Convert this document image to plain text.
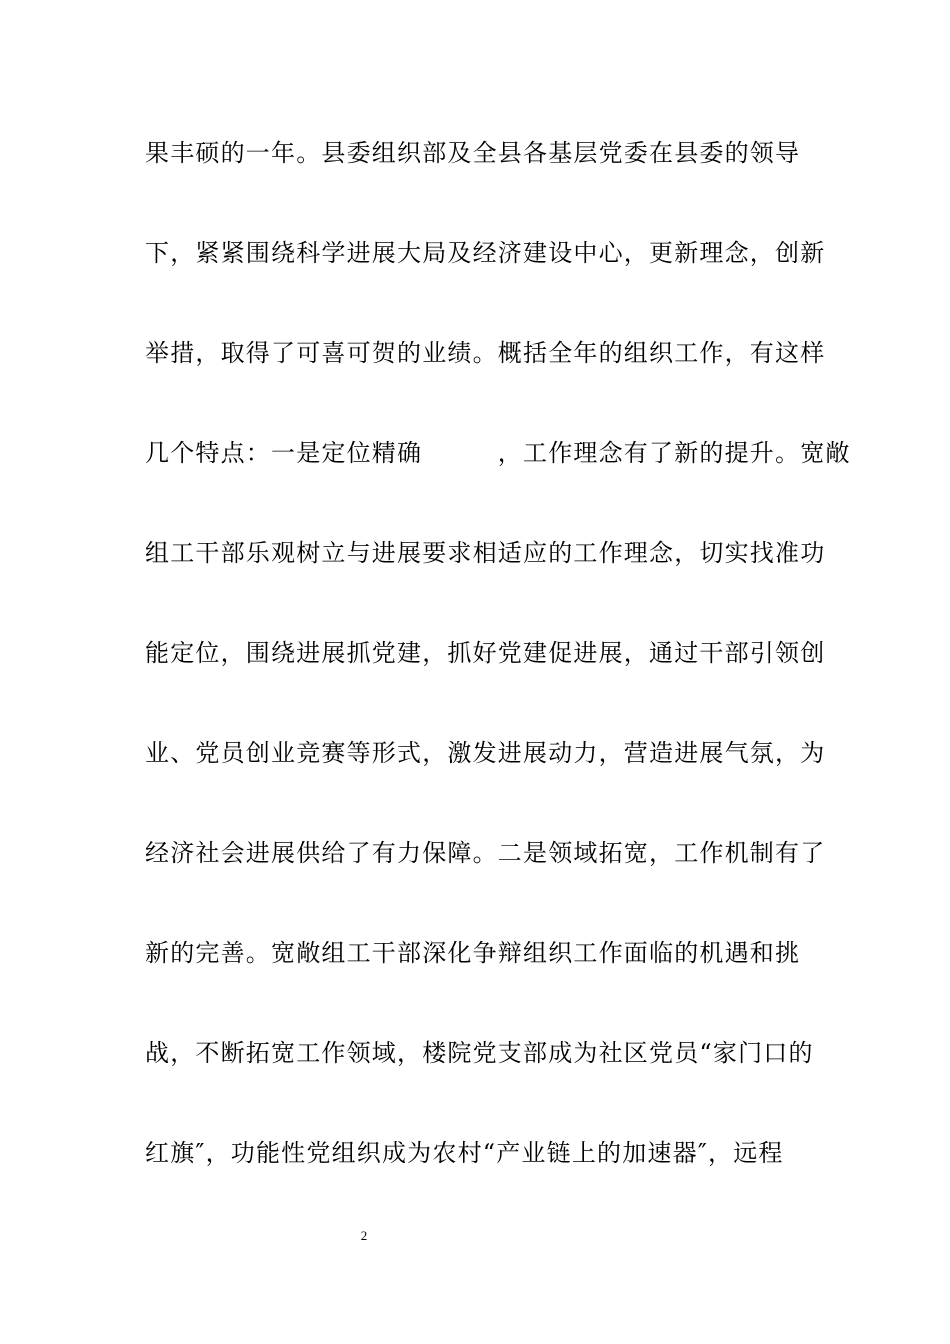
果丰硕的一年。县委组织部及全县各基层党委在县委的领导
下，紧紧围绕科学进展大局及经济建设中心，更新理念，创新
举措，取得了可喜可贺的业绩。概括全年的组织工作，有这样
几个特点：一是定位精确　　　，工作理念有了新的提升。宽敞
组工干部乐观树立与进展要求相适应的工作理念，切实找准功
能定位，围绕进展抓党建，抓好党建促进展，通过干部引领创
业、党员创业竞赛等形式，激发进展动力，营造进展气氛，为
经济社会进展供给了有力保障。二是领域拓宽，工作机制有了
新的完善。宽敞组工干部深化争辩组织工作面临的机遇和挑
战，不断拓宽工作领域，楼院党支部成为社区党员“家门口的
红旗″，功能性党组织成为农村“产业链上的加速器″，远程
2
